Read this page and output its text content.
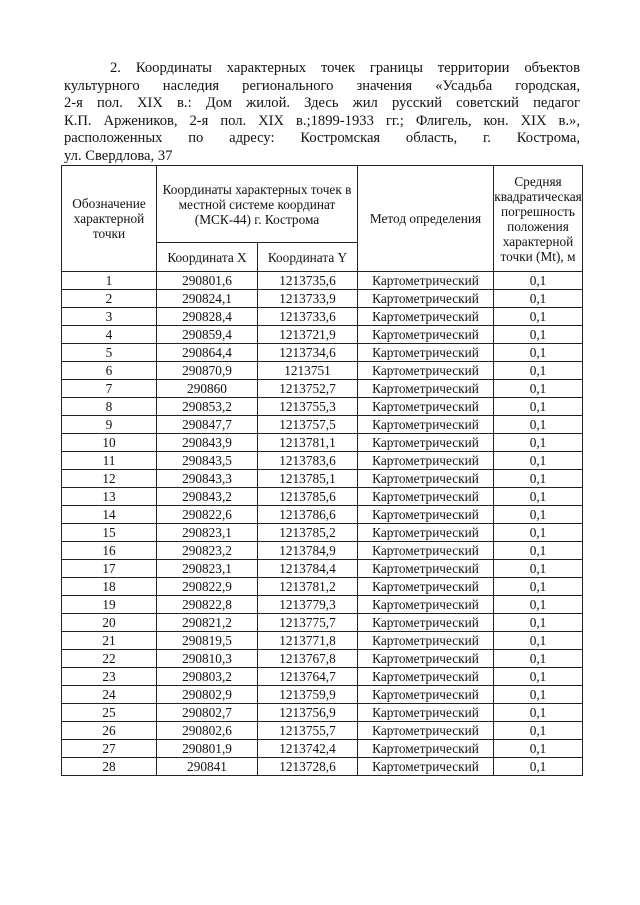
2. Координаты характерных точек границы территории объектов
культурного наследия регионального значения «Усадьба городская,
2-я пол. XIX в.: Дом жилой. Здесь жил русский советский педагог
К.П. Аржеников, 2-я пол. XIX в.;1899-1933 гг.; Флигель, кон. XIX в.»,
расположенных по адресу: Костромская область, г. Кострома,
ул. Свердлова, 37
Обозначение характерной точки	Координаты характерных точек в местной системе координат (МСК-44) г. Кострома		Метод определения	Средняя квадратическая погрешность положения характерной точки (Mt), м
	Координата X	Координата Y		
1	290801,6	1213735,6	Картометрический	0,1
2	290824,1	1213733,9	Картометрический	0,1
3	290828,4	1213733,6	Картометрический	0,1
4	290859,4	1213721,9	Картометрический	0,1
5	290864,4	1213734,6	Картометрический	0,1
6	290870,9	1213751	Картометрический	0,1
7	290860	1213752,7	Картометрический	0,1
8	290853,2	1213755,3	Картометрический	0,1
9	290847,7	1213757,5	Картометрический	0,1
10	290843,9	1213781,1	Картометрический	0,1
11	290843,5	1213783,6	Картометрический	0,1
12	290843,3	1213785,1	Картометрический	0,1
13	290843,2	1213785,6	Картометрический	0,1
14	290822,6	1213786,6	Картометрический	0,1
15	290823,1	1213785,2	Картометрический	0,1
16	290823,2	1213784,9	Картометрический	0,1
17	290823,1	1213784,4	Картометрический	0,1
18	290822,9	1213781,2	Картометрический	0,1
19	290822,8	1213779,3	Картометрический	0,1
20	290821,2	1213775,7	Картометрический	0,1
21	290819,5	1213771,8	Картометрический	0,1
22	290810,3	1213767,8	Картометрический	0,1
23	290803,2	1213764,7	Картометрический	0,1
24	290802,9	1213759,9	Картометрический	0,1
25	290802,7	1213756,9	Картометрический	0,1
26	290802,6	1213755,7	Картометрический	0,1
27	290801,9	1213742,4	Картометрический	0,1
28	290841	1213728,6	Картометрический	0,1
